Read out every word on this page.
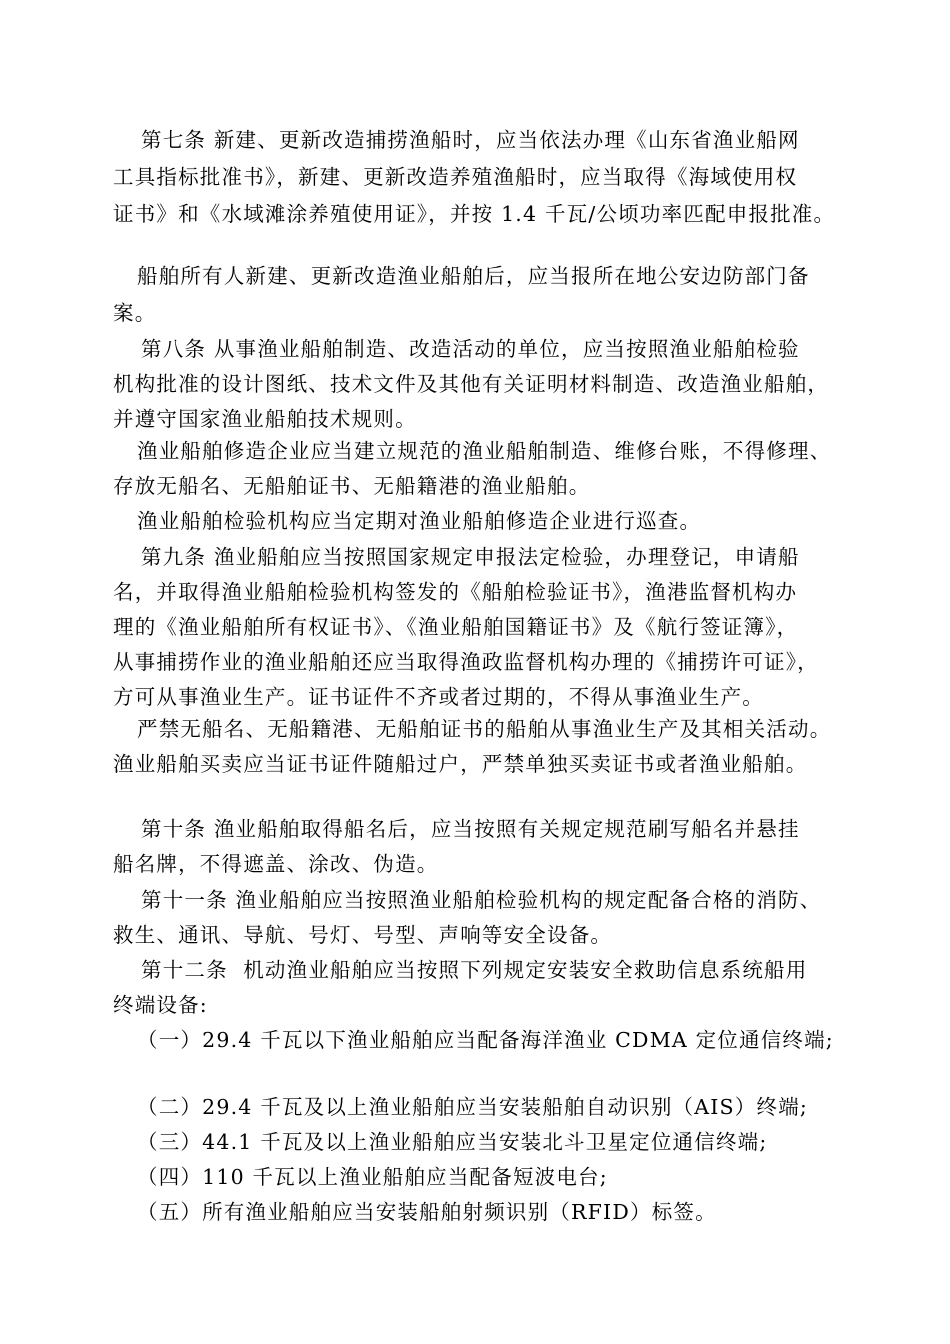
第七条 新建、更新改造捕捞渔船时，应当依法办理《山东省渔业船网
工具指标批准书》，新建、更新改造养殖渔船时，应当取得《海域使用权
证书》和《水域滩涂养殖使用证》，并按 1.4 千瓦/公顷功率匹配申报批准。
船舶所有人新建、更新改造渔业船舶后，应当报所在地公安边防部门备
案。
第八条 从事渔业船舶制造、改造活动的单位，应当按照渔业船舶检验
机构批准的设计图纸、技术文件及其他有关证明材料制造、改造渔业船舶，
并遵守国家渔业船舶技术规则。
渔业船舶修造企业应当建立规范的渔业船舶制造、维修台账，不得修理、
存放无船名、无船舶证书、无船籍港的渔业船舶。
渔业船舶检验机构应当定期对渔业船舶修造企业进行巡查。
第九条 渔业船舶应当按照国家规定申报法定检验，办理登记，申请船
名，并取得渔业船舶检验机构签发的《船舶检验证书》，渔港监督机构办
理的《渔业船舶所有权证书》、《渔业船舶国籍证书》及《航行签证簿》，
从事捕捞作业的渔业船舶还应当取得渔政监督机构办理的《捕捞许可证》，
方可从事渔业生产。证书证件不齐或者过期的，不得从事渔业生产。
严禁无船名、无船籍港、无船舶证书的船舶从事渔业生产及其相关活动。
渔业船舶买卖应当证书证件随船过户，严禁单独买卖证书或者渔业船舶。
第十条 渔业船舶取得船名后，应当按照有关规定规范刷写船名并悬挂
船名牌，不得遮盖、涂改、伪造。
第十一条 渔业船舶应当按照渔业船舶检验机构的规定配备合格的消防、
救生、通讯、导航、号灯、号型、声响等安全设备。
第十二条  机动渔业船舶应当按照下列规定安装安全救助信息系统船用
终端设备:
（一）29.4 千瓦以下渔业船舶应当配备海洋渔业 CDMA 定位通信终端;
（二）29.4 千瓦及以上渔业船舶应当安装船舶自动识别（AIS）终端;
（三）44.1 千瓦及以上渔业船舶应当安装北斗卫星定位通信终端;
（四）110 千瓦以上渔业船舶应当配备短波电台;
（五）所有渔业船舶应当安装船舶射频识别（RFID）标签。
